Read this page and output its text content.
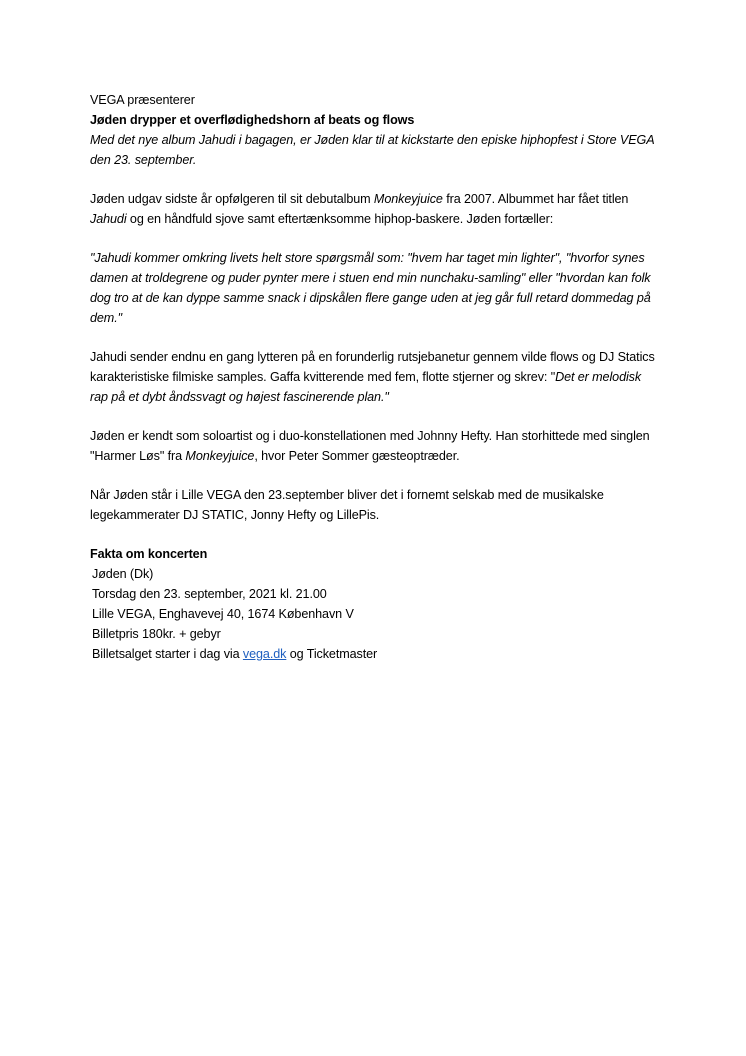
VEGA præsenterer

Jøden drypper et overflødighedshorn af beats og flows

Med det nye album Jahudi i bagagen, er Jøden klar til at kickstarte den episke hiphopfest i Store VEGA den 23. september.

Jøden udgav sidste år opfølgeren til sit debutalbum Monkeyjuice fra 2007. Albummet har fået titlen Jahudi og en håndfuld sjove samt eftertænksomme hiphop-baskere. Jøden fortæller:

"Jahudi kommer omkring livets helt store spørgsmål som: "hvem har taget min lighter", "hvorfor synes damen at troldegrene og puder pynter mere i stuen end min nunchaku-samling" eller "hvordan kan folk dog tro at de kan dyppe samme snack i dipskålen flere gange uden at jeg går full retard dommedag på dem."

Jahudi sender endnu en gang lytteren på en forunderlig rutsjebanetur gennem vilde flows og DJ Statics karakteristiske filmiske samples. Gaffa kvitterende med fem, flotte stjerner og skrev: "Det er melodisk rap på et dybt åndssvagt og højest fascinerende plan."

Jøden er kendt som soloartist og i duo-konstellationen med Johnny Hefty. Han storhittede med singlen "Harmer Løs" fra Monkeyjuice, hvor Peter Sommer gæsteoptræder.

Når Jøden står i Lille VEGA den 23.september bliver det i fornemt selskab med de musikalske legekammerater DJ STATIC, Jonny Hefty og LillePis.

Fakta om koncerten

Jøden (Dk)

Torsdag den 23. september, 2021 kl. 21.00

Lille VEGA, Enghavevej 40, 1674 København V

Billetpris 180kr. + gebyr

Billetsalget starter i dag via vega.dk og Ticketmaster
